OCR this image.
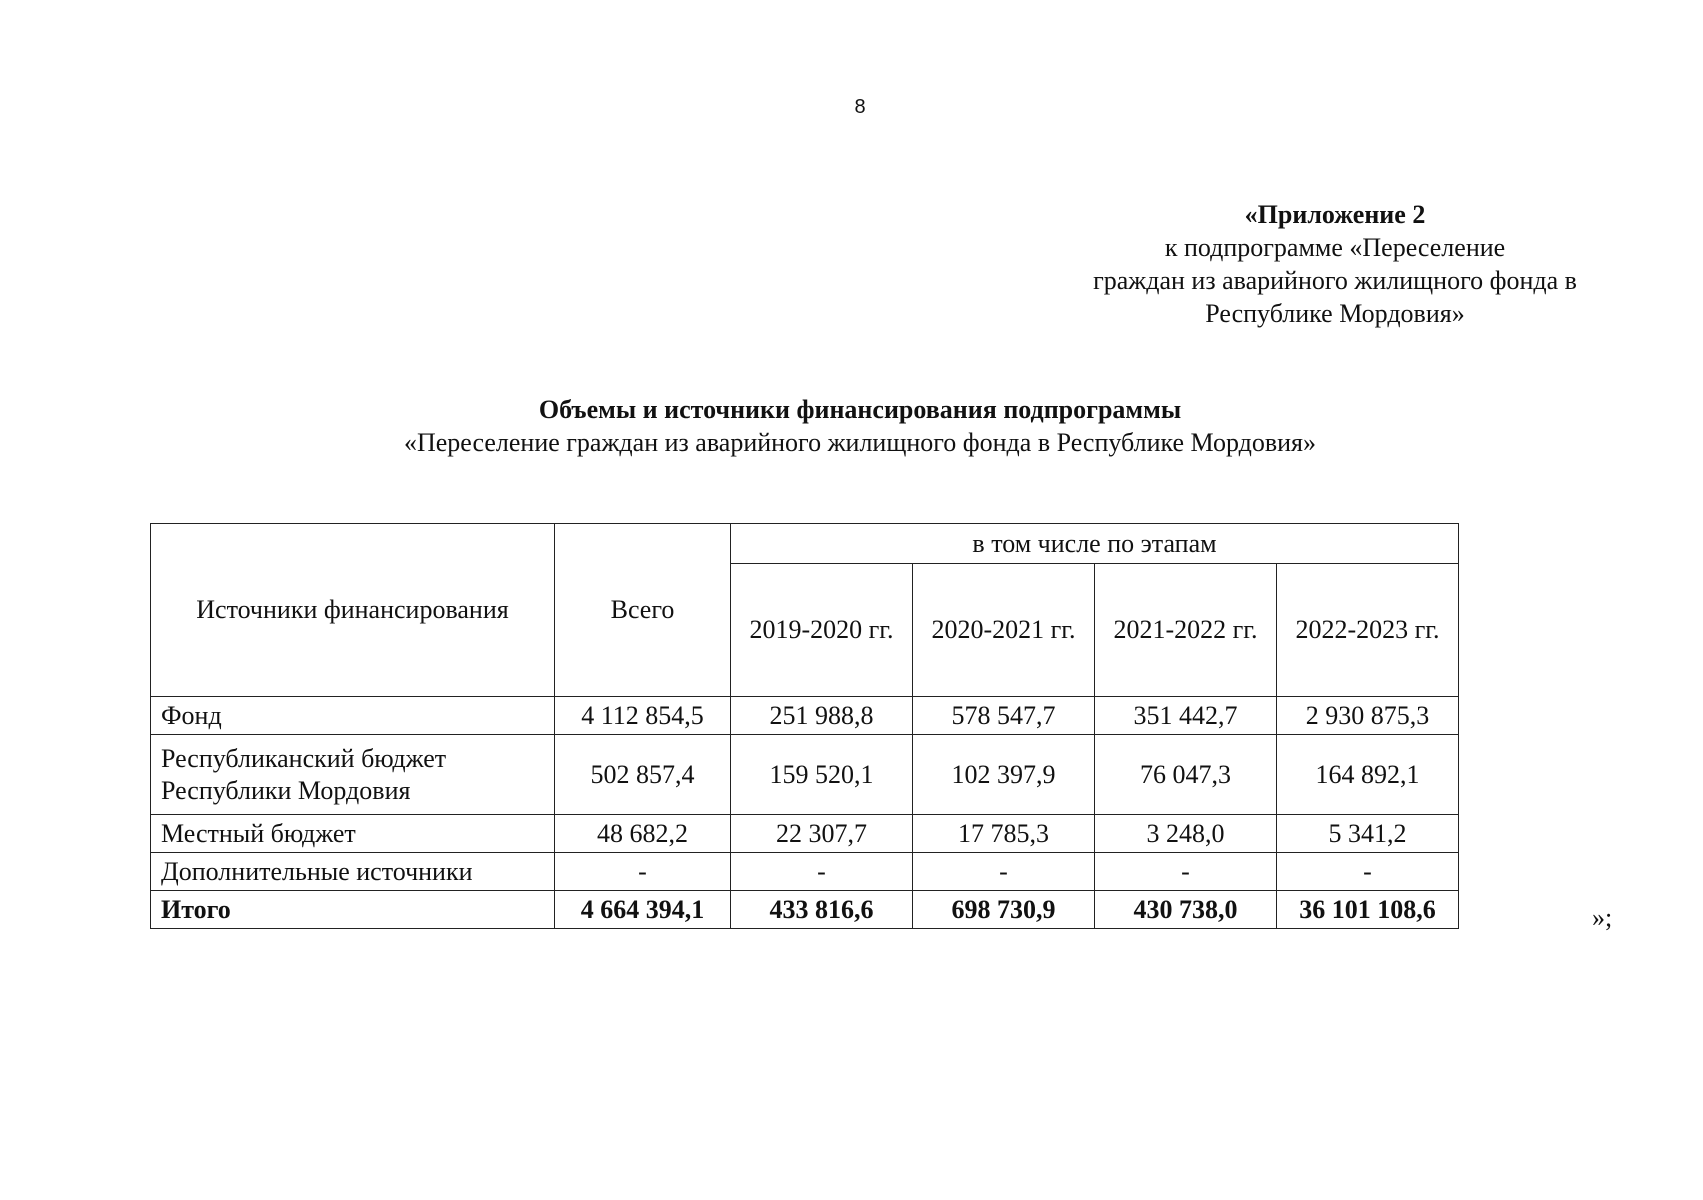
8
«Приложение 2
к подпрограмме «Переселение
граждан из аварийного жилищного фонда в
Республике Мордовия»
Объемы и источники финансирования подпрограммы
«Переселение граждан из аварийного жилищного фонда в Республике Мордовия»
Источники финансирования	Всего	в том числе по этапам			
		2019-2020 гг.	2020-2021 гг.	2021-2022 гг.	2022-2023 гг.
Фонд	4 112 854,5	251 988,8	578 547,7	351 442,7	2 930 875,3

Республиканский бюджет
Республики Мордовия	502 857,4	159 520,1	102 397,9	76 047,3	164 892,1
Местный бюджет	48 682,2	22 307,7	17 785,3	3 248,0	5 341,2
Дополнительные источники	-	-	-	-	-
Итого	4 664 394,1	433 816,6	698 730,9	430 738,0	36 101 108,6	»;
